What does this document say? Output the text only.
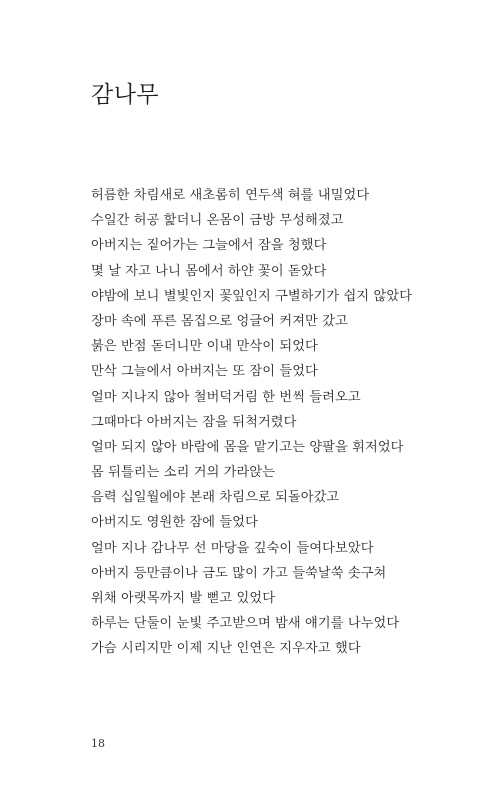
감나무
허름한 차림새로 새초롬히 연두색 혀를 내밀었다
수일간 허공 핥더니 온몸이 금방 무성해졌고
아버지는 짙어가는 그늘에서 잠을 청했다
몇 날 자고 나니 몸에서 하얀 꽃이 돋았다
야밤에 보니 별빛인지 꽃잎인지 구별하기가 쉽지 않았다
장마 속에 푸른 몸집으로 엉글어 커져만 갔고
붉은 반점 돋더니만 이내 만삭이 되었다
만삭 그늘에서 아버지는 또 잠이 들었다
얼마 지나지 않아 철버덕거림 한 번씩 들려오고
그때마다 아버지는 잠을 뒤척거렸다
얼마 되지 않아 바람에 몸을 맡기고는 양팔을 휘저었다
몸 뒤틀리는 소리 거의 가라앉는
음력 십일월에야 본래 차림으로 되돌아갔고
아버지도 영원한 잠에 들었다
얼마 지나 감나무 선 마당을 깊숙이 들여다보았다
아버지 등만큼이나 금도 많이 가고 들쑥날쑥 솟구쳐
위채 아랫목까지 발 뻗고 있었다
하루는 단둘이 눈빛 주고받으며 밤새 얘기를 나누었다
가슴 시리지만 이제 지난 인연은 지우자고 했다
18
